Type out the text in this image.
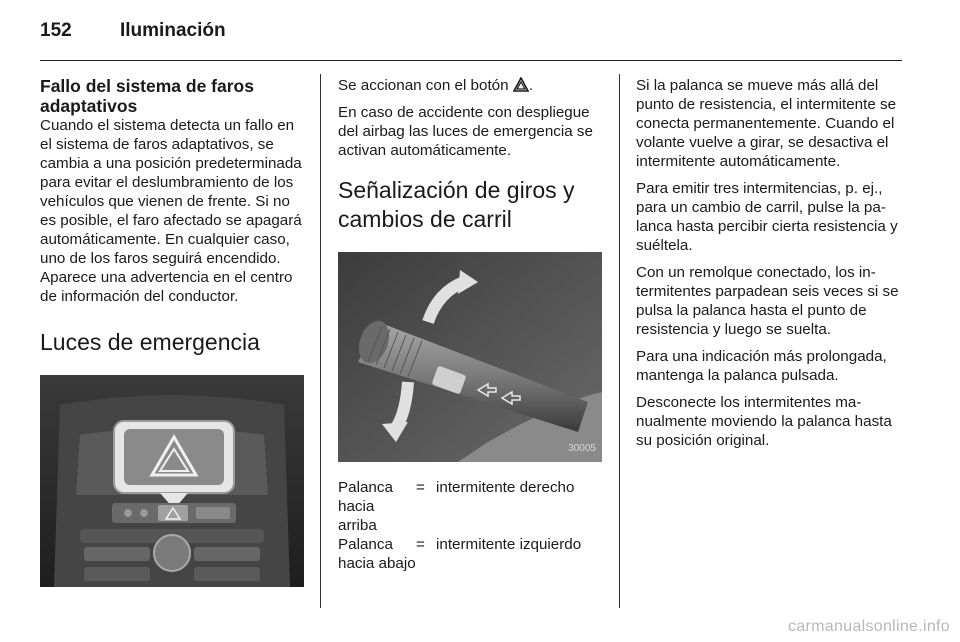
152	Iluminación
Fallo del sistema de faros adaptativos

Cuando el sistema detecta un fallo en el sistema de faros adaptativos, se cambia a una posición predeterminada para evitar el deslumbramiento de los vehículos que vienen de frente. Si no es posible, el faro afectado se apagará automáticamente. En cualquier caso, uno de los faros seguirá encendido. Aparece una advertencia en el centro de información del conductor.

Luces de emergencia

Se accionan con el botón .

En caso de accidente con despliegue del airbag las luces de emergencia se activan automáticamente.

Señalización de giros y cambios de carril
30005
Palanca hacia arriba
= intermitente derecho
Palanca hacia abajo
= intermitente izquierdo

Si la palanca se mueve más allá del punto de resistencia, el intermitente se conecta permanentemente. Cuando el volante vuelve a girar, se desactiva el intermitente automáticamente.

Para emitir tres intermitencias, p. ej., para un cambio de carril, pulse la palanca hasta percibir cierta resistencia y suéltela.

Con un remolque conectado, los intermitentes parpadean seis veces si se pulsa la palanca hasta el punto de resistencia y luego se suelta.

Para una indicación más prolongada, mantenga la palanca pulsada.

Desconecte los intermitentes manualmente moviendo la palanca hasta su posición original.

carmanualsonline.info
